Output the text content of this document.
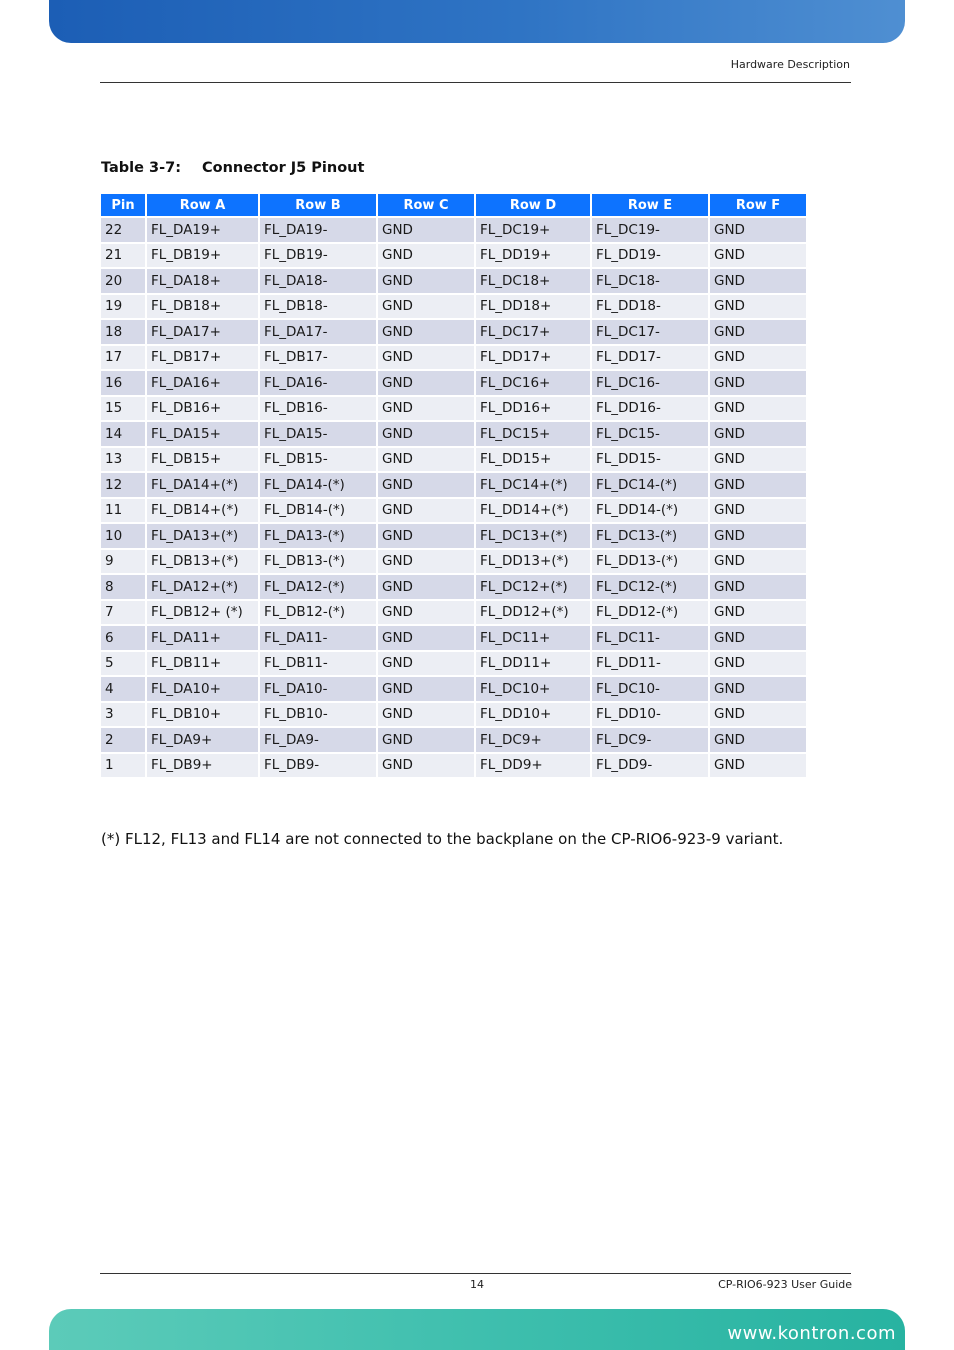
Hardware Description
Table 3-7: Connector J5 Pinout
Pin	Row A	Row B	Row C	Row D	Row E	Row F
22	FL_DA19+	FL_DA19-	GND	FL_DC19+	FL_DC19-	GND
21	FL_DB19+	FL_DB19-	GND	FL_DD19+	FL_DD19-	GND
20	FL_DA18+	FL_DA18-	GND	FL_DC18+	FL_DC18-	GND
19	FL_DB18+	FL_DB18-	GND	FL_DD18+	FL_DD18-	GND
18	FL_DA17+	FL_DA17-	GND	FL_DC17+	FL_DC17-	GND
17	FL_DB17+	FL_DB17-	GND	FL_DD17+	FL_DD17-	GND
16	FL_DA16+	FL_DA16-	GND	FL_DC16+	FL_DC16-	GND
15	FL_DB16+	FL_DB16-	GND	FL_DD16+	FL_DD16-	GND
14	FL_DA15+	FL_DA15-	GND	FL_DC15+	FL_DC15-	GND
13	FL_DB15+	FL_DB15-	GND	FL_DD15+	FL_DD15-	GND
12	FL_DA14+(*)	FL_DA14-(*)	GND	FL_DC14+(*)	FL_DC14-(*)	GND
11	FL_DB14+(*)	FL_DB14-(*)	GND	FL_DD14+(*)	FL_DD14-(*)	GND
10	FL_DA13+(*)	FL_DA13-(*)	GND	FL_DC13+(*)	FL_DC13-(*)	GND
9	FL_DB13+(*)	FL_DB13-(*)	GND	FL_DD13+(*)	FL_DD13-(*)	GND
8	FL_DA12+(*)	FL_DA12-(*)	GND	FL_DC12+(*)	FL_DC12-(*)	GND
7	FL_DB12+ (*)	FL_DB12-(*)	GND	FL_DD12+(*)	FL_DD12-(*)	GND
6	FL_DA11+	FL_DA11-	GND	FL_DC11+	FL_DC11-	GND
5	FL_DB11+	FL_DB11-	GND	FL_DD11+	FL_DD11-	GND
4	FL_DA10+	FL_DA10-	GND	FL_DC10+	FL_DC10-	GND
3	FL_DB10+	FL_DB10-	GND	FL_DD10+	FL_DD10-	GND
2	FL_DA9+	FL_DA9-	GND	FL_DC9+	FL_DC9-	GND
1	FL_DB9+	FL_DB9-	GND	FL_DD9+	FL_DD9-	GND
(*) FL12, FL13 and FL14 are not connected to the backplane on the CP-RIO6-923-9 variant.
14	CP-RIO6-923 User Guide
www.kontron.com
